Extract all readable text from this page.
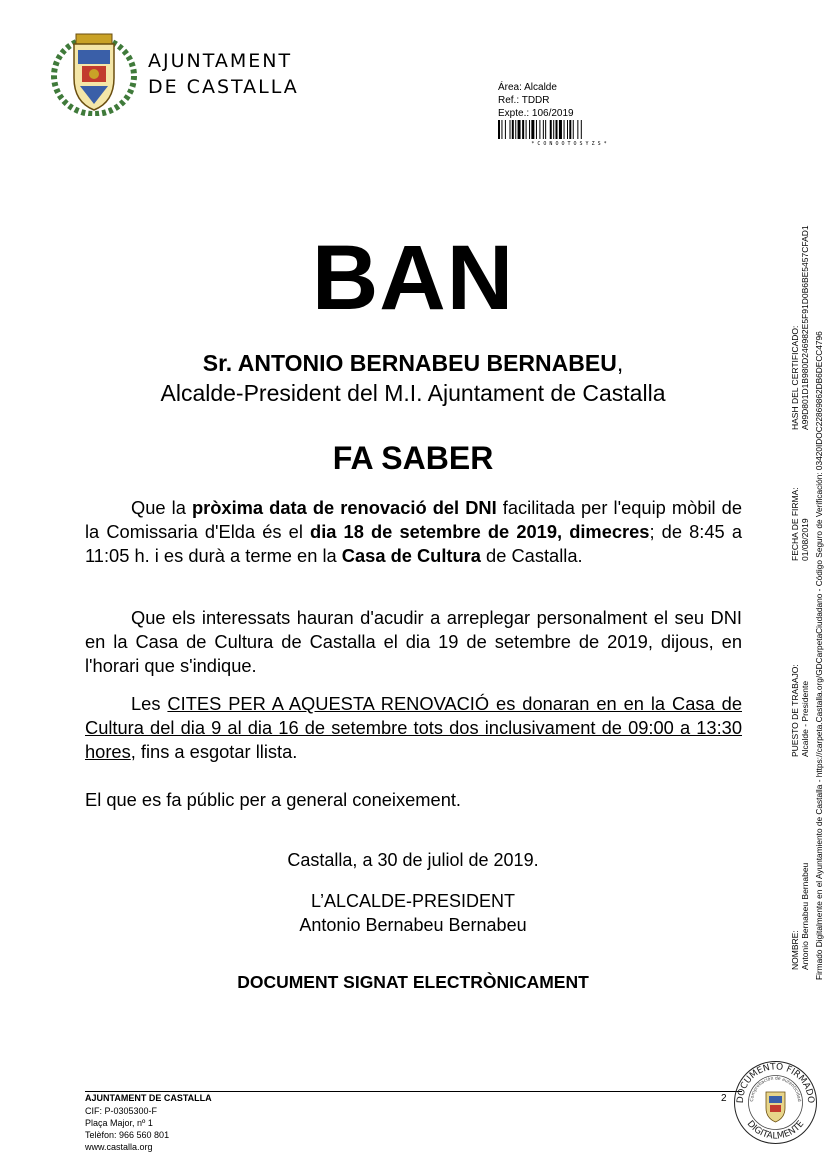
AJUNTAMENT
DE CASTALLA	Área: Alcalde
Ref.: TDDR
Expte.: 106/2019
* C O N O O T O S Y Z S *
BAN
Sr. ANTONIO BERNABEU BERNABEU,
Alcalde-President del M.I. Ajuntament de Castalla
FA SABER
Que la pròxima data de renovació del DNI facilitada per l'equip mòbil de la Comissaria d'Elda és el dia 18 de setembre de 2019, dimecres; de 8:45 a 11:05 h. i es durà a terme en la Casa de Cultura de Castalla.
Que els interessats hauran d'acudir a arreplegar personalment el seu DNI en la Casa de Cultura de Castalla el dia 19 de setembre de 2019, dijous, en l'horari que s'indique.
Les CITES PER A AQUESTA RENOVACIÓ es donaran en en la Casa de Cultura del dia 9 al dia 16 de setembre tots dos inclusivament de 09:00 a 13:30 hores, fins a esgotar llista.
El que es fa públic per a general coneixement.
Castalla, a 30 de juliol de 2019.
L’ALCALDE-PRESIDENT
Antonio Bernabeu Bernabeu
DOCUMENT SIGNAT ELECTRÒNICAMENT
NOMBRE:
Antonio Bernabeu Bernabeu
PUESTO DE TRABAJO:
Alcalde - Presidente
FECHA DE FIRMA:
01/08/2019
HASH DEL CERTIFICADO:
A99D801D1B980D246982E5F91D0B6BE5457CFAD1
Firmado Digitalmente en el Ayuntamiento de Castalla - https://carpeta.Castalla.org/GDCarpetaCiudadano - Código Seguro de Verificación: 03420IDOC22869862DB6DECC4796
AJUNTAMENT DE CASTALLA
CIF: P-0305300-F
Plaça Major, nº 1
Telèfon: 966 560 801
www.castalla.org
2 DOCUMENTO FIRMADO
DIGITALMENTE
Comprobación de autenticidad
